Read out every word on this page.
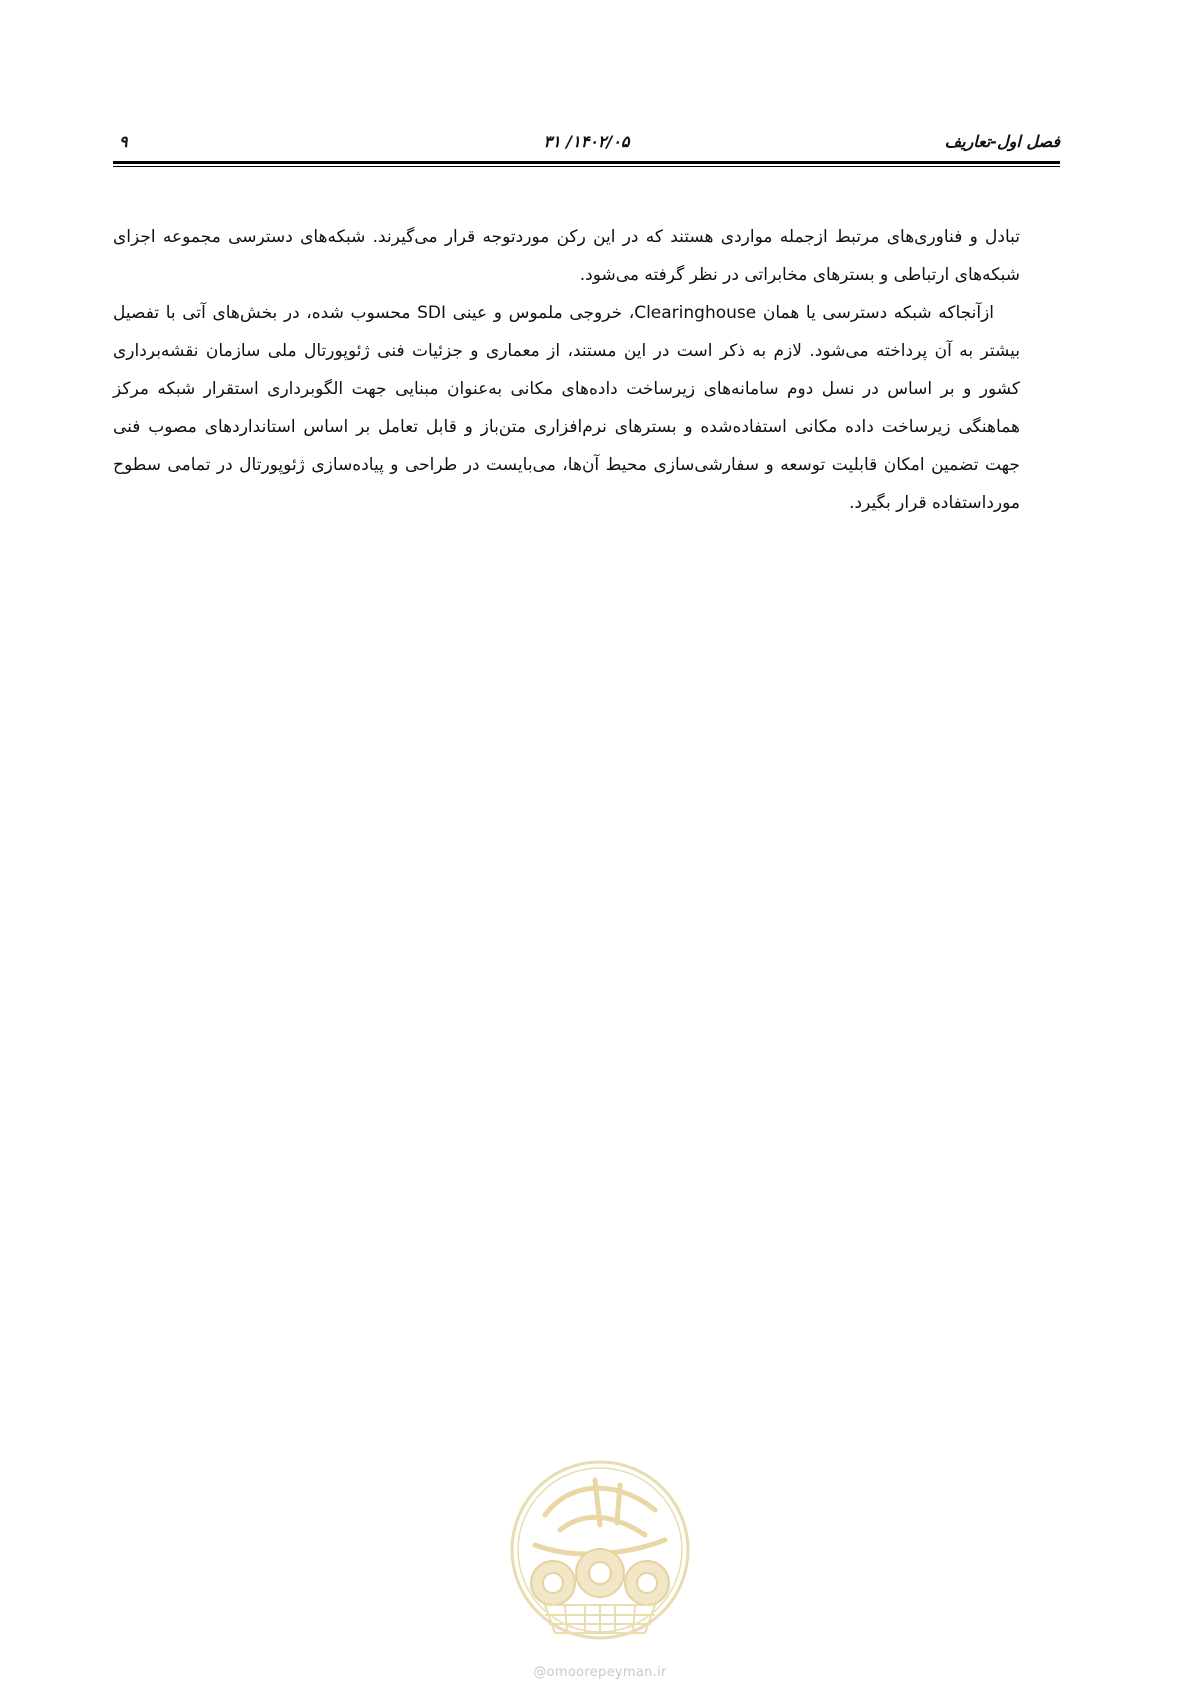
فصل اول-تعاریف
۱۴۰۲/۰۵/ ۳۱
۹

تبادل و فناوری‌های مرتبط ازجمله مواردی هستند که در این رکن موردتوجه قرار می‌گیرند. شبکه‌های دسترسی مجموعه اجزای شبکه‌های ارتباطی و بسترهای مخابراتی در نظر گرفته می‌شود.

ازآنجاکه شبکه دسترسی یا همان Clearinghouse، خروجی ملموس و عینی SDI محسوب شده، در بخش‌های آتی با تفصیل بیشتر به آن پرداخته می‌شود. لازم به ذکر است در این مستند، از معماری و جزئیات فنی ژئوپورتال ملی سازمان نقشه‌برداری کشور و بر اساس در نسل دوم سامانه‌های زیرساخت داده‌های مکانی به‌عنوان مبنایی جهت الگوبرداری استقرار شبکه مرکز هماهنگی زیرساخت داده مکانی استفاده‌شده و بسترهای نرم‌افزاری متن‌باز و قابل تعامل بر اساس استانداردهای مصوب فنی جهت تضمین امکان قابلیت توسعه و سفارشی‌سازی محیط آن‌ها، می‌بایست در طراحی و پیاده‌سازی ژئوپورتال در تمامی سطوح مورداستفاده قرار بگیرد.

@omoorepeyman.ir
